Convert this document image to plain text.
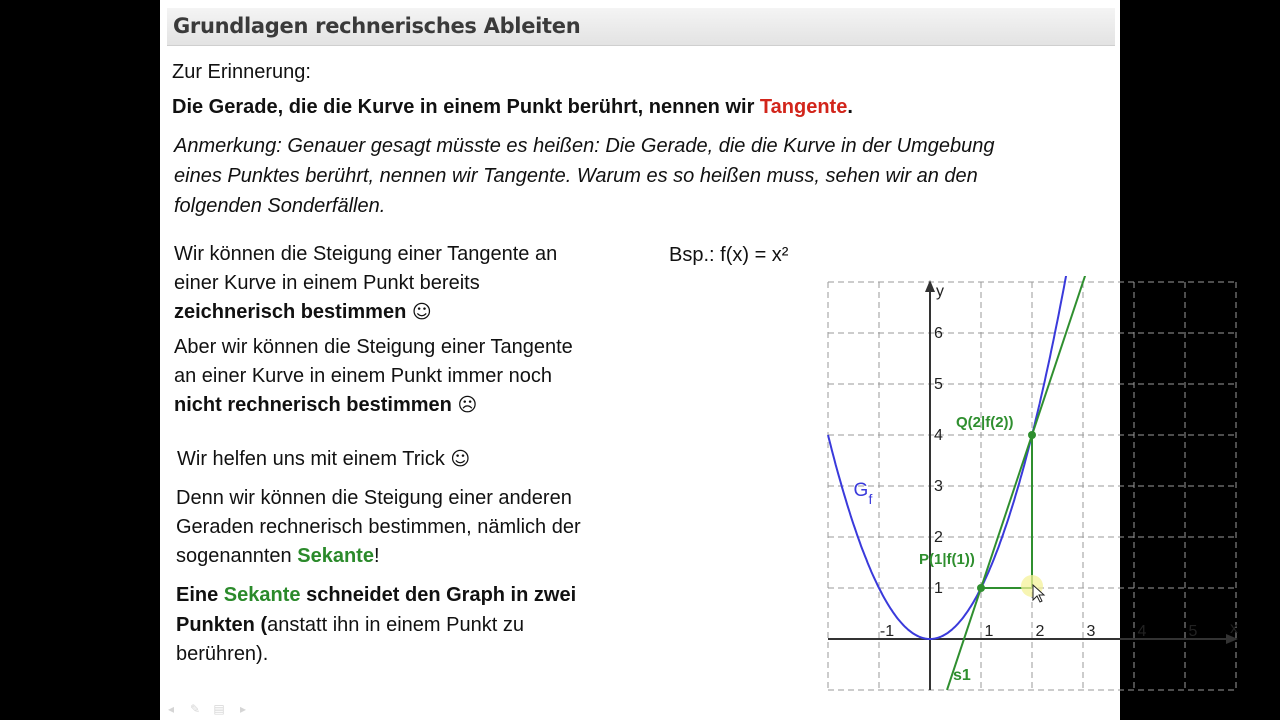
Grundlagen rechnerisches Ableiten
Zur Erinnerung:
Die Gerade, die die Kurve in einem Punkt berührt, nennen wir Tangente.
Anmerkung: Genauer gesagt müsste es heißen: Die Gerade, die die Kurve in der Umgebung
eines Punktes berührt, nennen wir Tangente. Warum es so heißen muss, sehen wir an den
folgenden Sonderfällen.
Wir können die Steigung einer Tangente an
einer Kurve in einem Punkt bereits
zeichnerisch bestimmen ☺
Aber wir können die Steigung einer Tangente
an einer Kurve in einem Punkt immer noch
nicht rechnerisch bestimmen ☹
Wir helfen uns mit einem Trick ☺
Denn wir können die Steigung einer anderen
Geraden rechnerisch bestimmen, nämlich der
sogenannten Sekante!
Eine Sekante schneidet den Graph in zwei
Punkten (anstatt ihn in einem Punkt zu
berühren).
Bsp.: f(x) = x²
x
y
-1	1	2	3	4	5
1
2
3
4
5
6
P(1|f(1))
Q(2|f(2))
G f
s1
◂ ✎ ▤ ▸
